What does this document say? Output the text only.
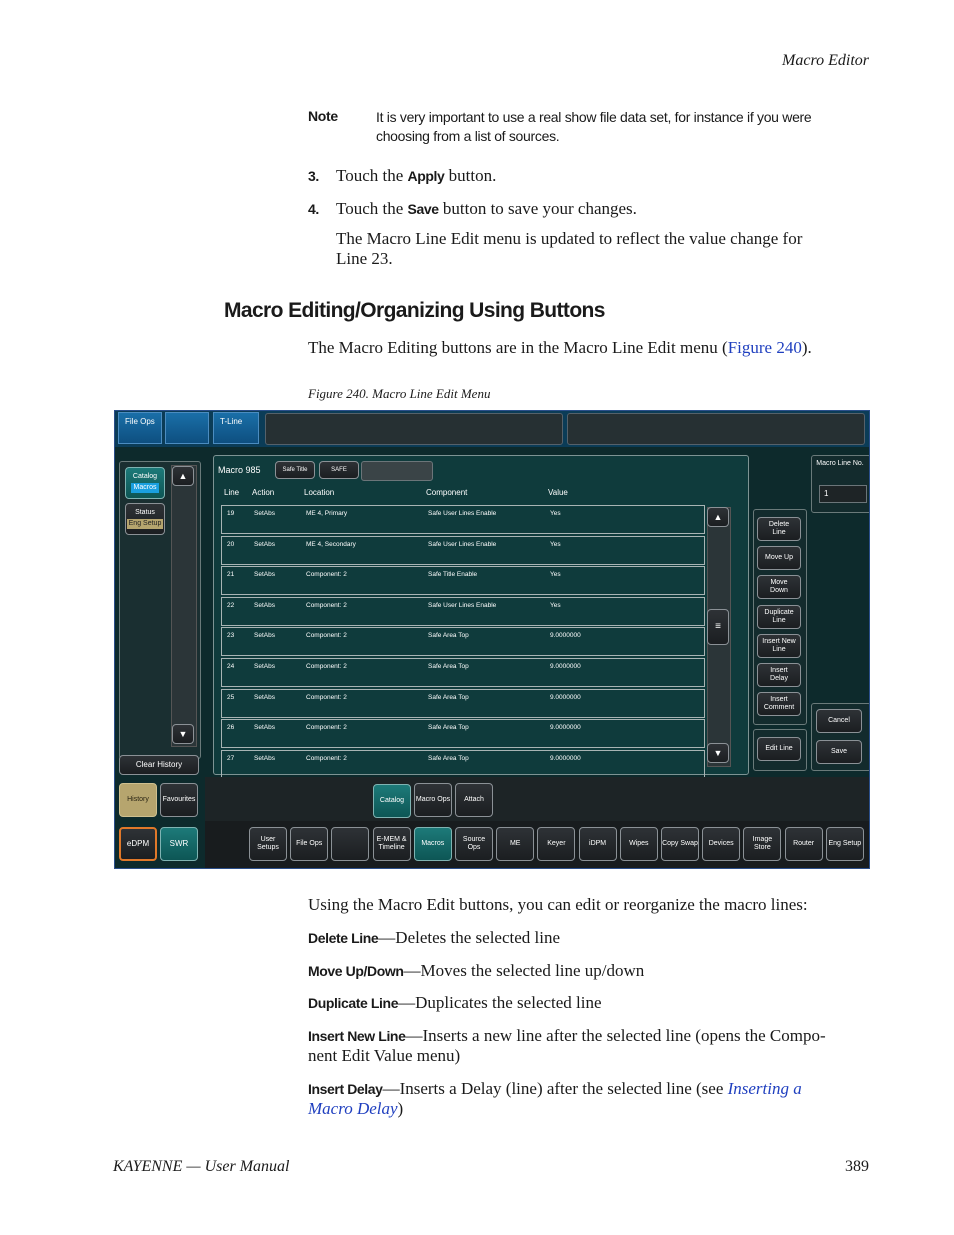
Macro Editor
Note	It is very important to use a real show file data set, for instance if you were
choosing from a list of sources.
3. Touch the Apply button.
4. Touch the Save button to save your changes.
The Macro Line Edit menu is updated to reflect the value change for
Line 23.
Macro Editing/Organizing Using Buttons
The Macro Editing buttons are in the Macro Line Edit menu (Figure 240).
Figure 240. Macro Line Edit Menu
File Ops	T-Line
Catalog
Macros
Status
Eng Setup
▲
▼
Clear History
History	Favourites
eDPM	SWR
Macro 985	Safe Title	SAFE
Line Action	Location	Component	Value
19	SetAbs	ME 4, Primary	Safe User Lines Enable	Yes
20	SetAbs	ME 4, Secondary	Safe User Lines Enable	Yes
21	SetAbs	Component: 2	Safe Title Enable	Yes
22	SetAbs	Component: 2	Safe User Lines Enable	Yes
23	SetAbs	Component: 2	Safe Area Top	9.0000000
24	SetAbs	Component: 2	Safe Area Top	9.0000000
25	SetAbs	Component: 2	Safe Area Top	9.0000000
26	SetAbs	Component: 2	Safe Area Top	9.0000000
27	SetAbs	Component: 2	Safe Area Top	9.0000000
▲
≡
▼
Delete Line
Move Up
Move Down
Duplicate Line
Insert New Line
Insert Delay
Insert Comment
Edit Line
Macro Line No.
1
Cancel
Save
Catalog	Macro Ops	Attach
User Setups
File Ops
E-MEM & Timeline
Macros
Source Ops
ME	Keyer	iDPM	Wipes	Copy Swap	Devices
Image Store
Router	Eng Setup
Using the Macro Edit buttons, you can edit or reorganize the macro lines:
Delete Line—Deletes the selected line
Move Up/Down—Moves the selected line up/down
Duplicate Line—Duplicates the selected line
Insert New Line—Inserts a new line after the selected line (opens the Compo-
nent Edit Value menu)
Insert Delay—Inserts a Delay (line) after the selected line (see Inserting a
Macro Delay)
KAYENNE — User Manual	389
